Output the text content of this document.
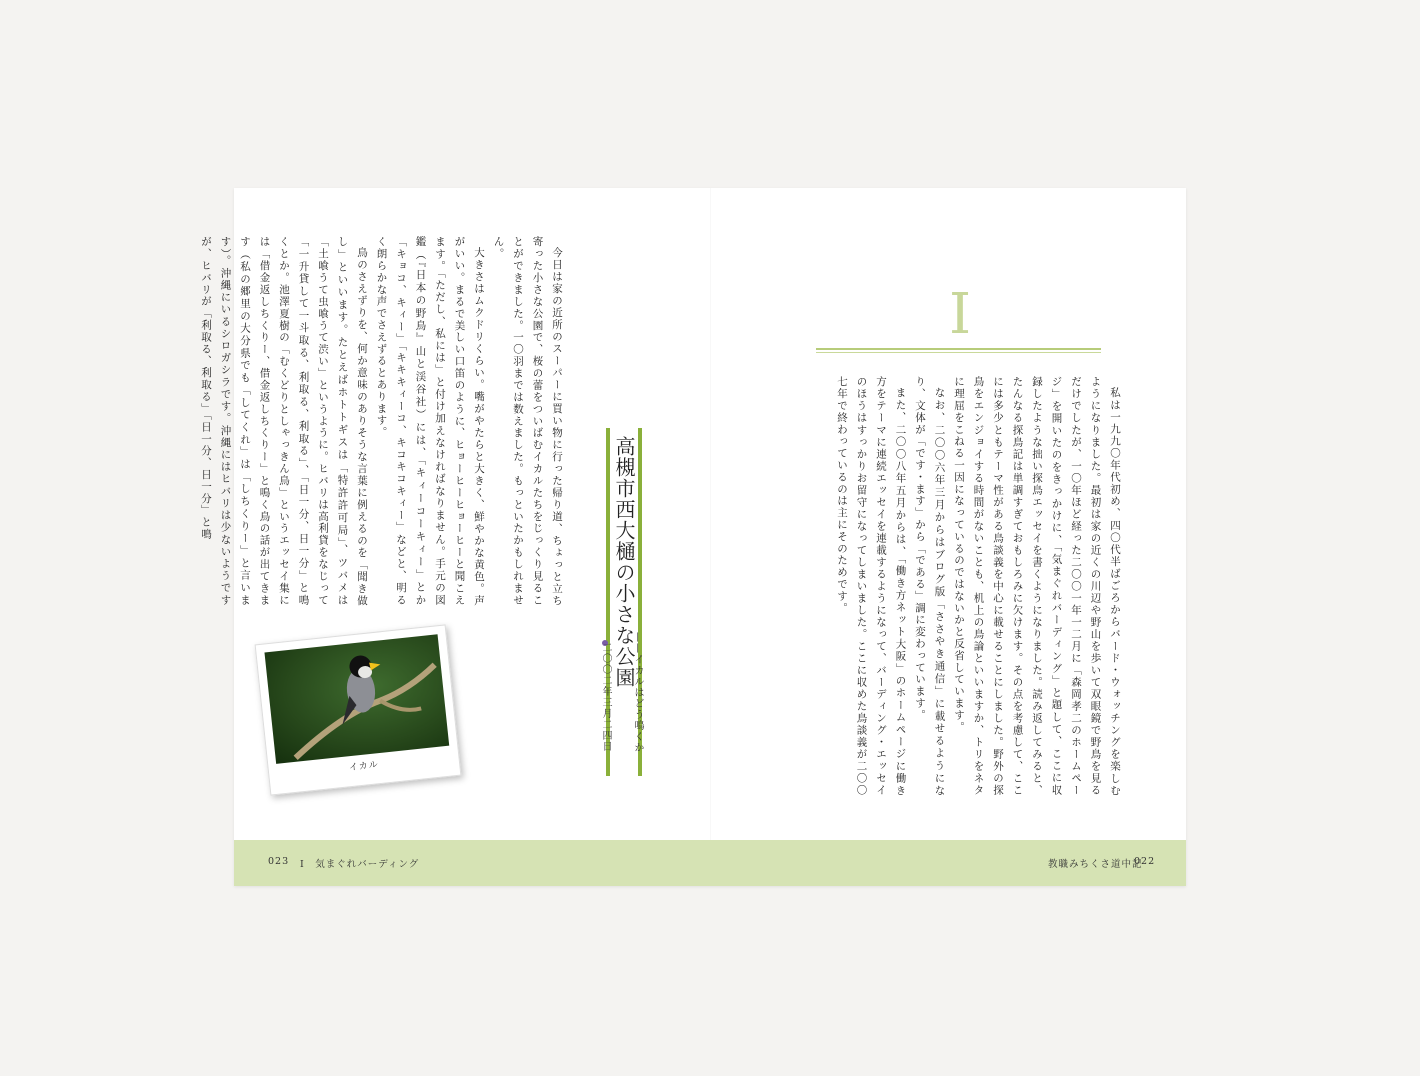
I

私は一九九〇年代初め、四〇代半ばごろからバード・ウォッチングを楽しむようになりました。最初は家の近くの川辺や野山を歩いて双眼鏡で野鳥を見るだけでしたが、一〇年ほど経った二〇〇一年一二月に「森岡孝二のホームページ」を開いたのをきっかけに、「気まぐれバーディング」と題して、ここに収録したような拙い探鳥エッセイを書くようになりました。読み返してみると、たんなる探鳥記は単調すぎておもしろみに欠けます。その点を考慮して、ここには多少ともテーマ性がある鳥談義を中心に載せることにしました。野外の探鳥をエンジョイする時間がないことも、机上の鳥論といいますか、トリをネタに理屈をこねる一因になっているのではないかと反省しています。

なお、二〇〇六年三月からはブログ版「ささやき通信」に載せるようになり、文体が「です・ます」から「である」調に変わっています。

また、二〇〇八年五月からは、「働き方ネット大阪」のホームページに働き方をテーマに連続エッセイを連載するようになって、バーディング・エッセイのほうはすっかりお留守になってしまいました。ここに収めた鳥談義が二〇〇七年で終わっているのは主にそのためです。

今日は家の近所のスーパーに買い物に行った帰り道、ちょっと立ち寄った小さな公園で、桜の蕾をついばむイカルたちをじっくり見ることができました。一〇羽までは数えました。もっといたかもしれません。

大きさはムクドリくらい。嘴がやたらと大きく、鮮やかな黄色。声がいい。まるで美しい口笛のように、ヒョーヒーヒョーヒーと聞こえます。「ただし、私には」と付け加えなければなりません。手元の図鑑（『日本の野鳥』山と渓谷社）には、「キィーコーキィー」とか「キョコ、キィー」「キキキィーコ、キコキコキィー」などと、明るく朗らかな声でさえずるとあります。

鳥のさえずりを、何か意味のありそうな言葉に例えるのを「聞き做し」といいます。たとえばホトトギスは「特許許可局」、ツバメは「土喰うて虫喰うて渋い」というように。ヒバリは高利貸をなじって「一升貸して一斗取る、利取る、利取る」、「日一分、日一分」と鳴くとか。池澤夏樹の「むくどりとしゃっきん鳥」というエッセイ集には「借金返しちくりー、借金返しちくりー」と鳴く鳥の話が出てきます（私の郷里の大分県でも「してくれ」は「しちくりー」と言います）。沖縄にいるシロガシラです。沖縄にはヒバリは少ないようですが、ヒバリが「利取る、利取る」「日一分、日一分」と鳴

高槻市西大樋の小さな公園
——イカルはどう鳴くか
二〇〇二年三月二四日
イカル
023 I　気まぐれバーディング	教職みちくさ道中記
022
